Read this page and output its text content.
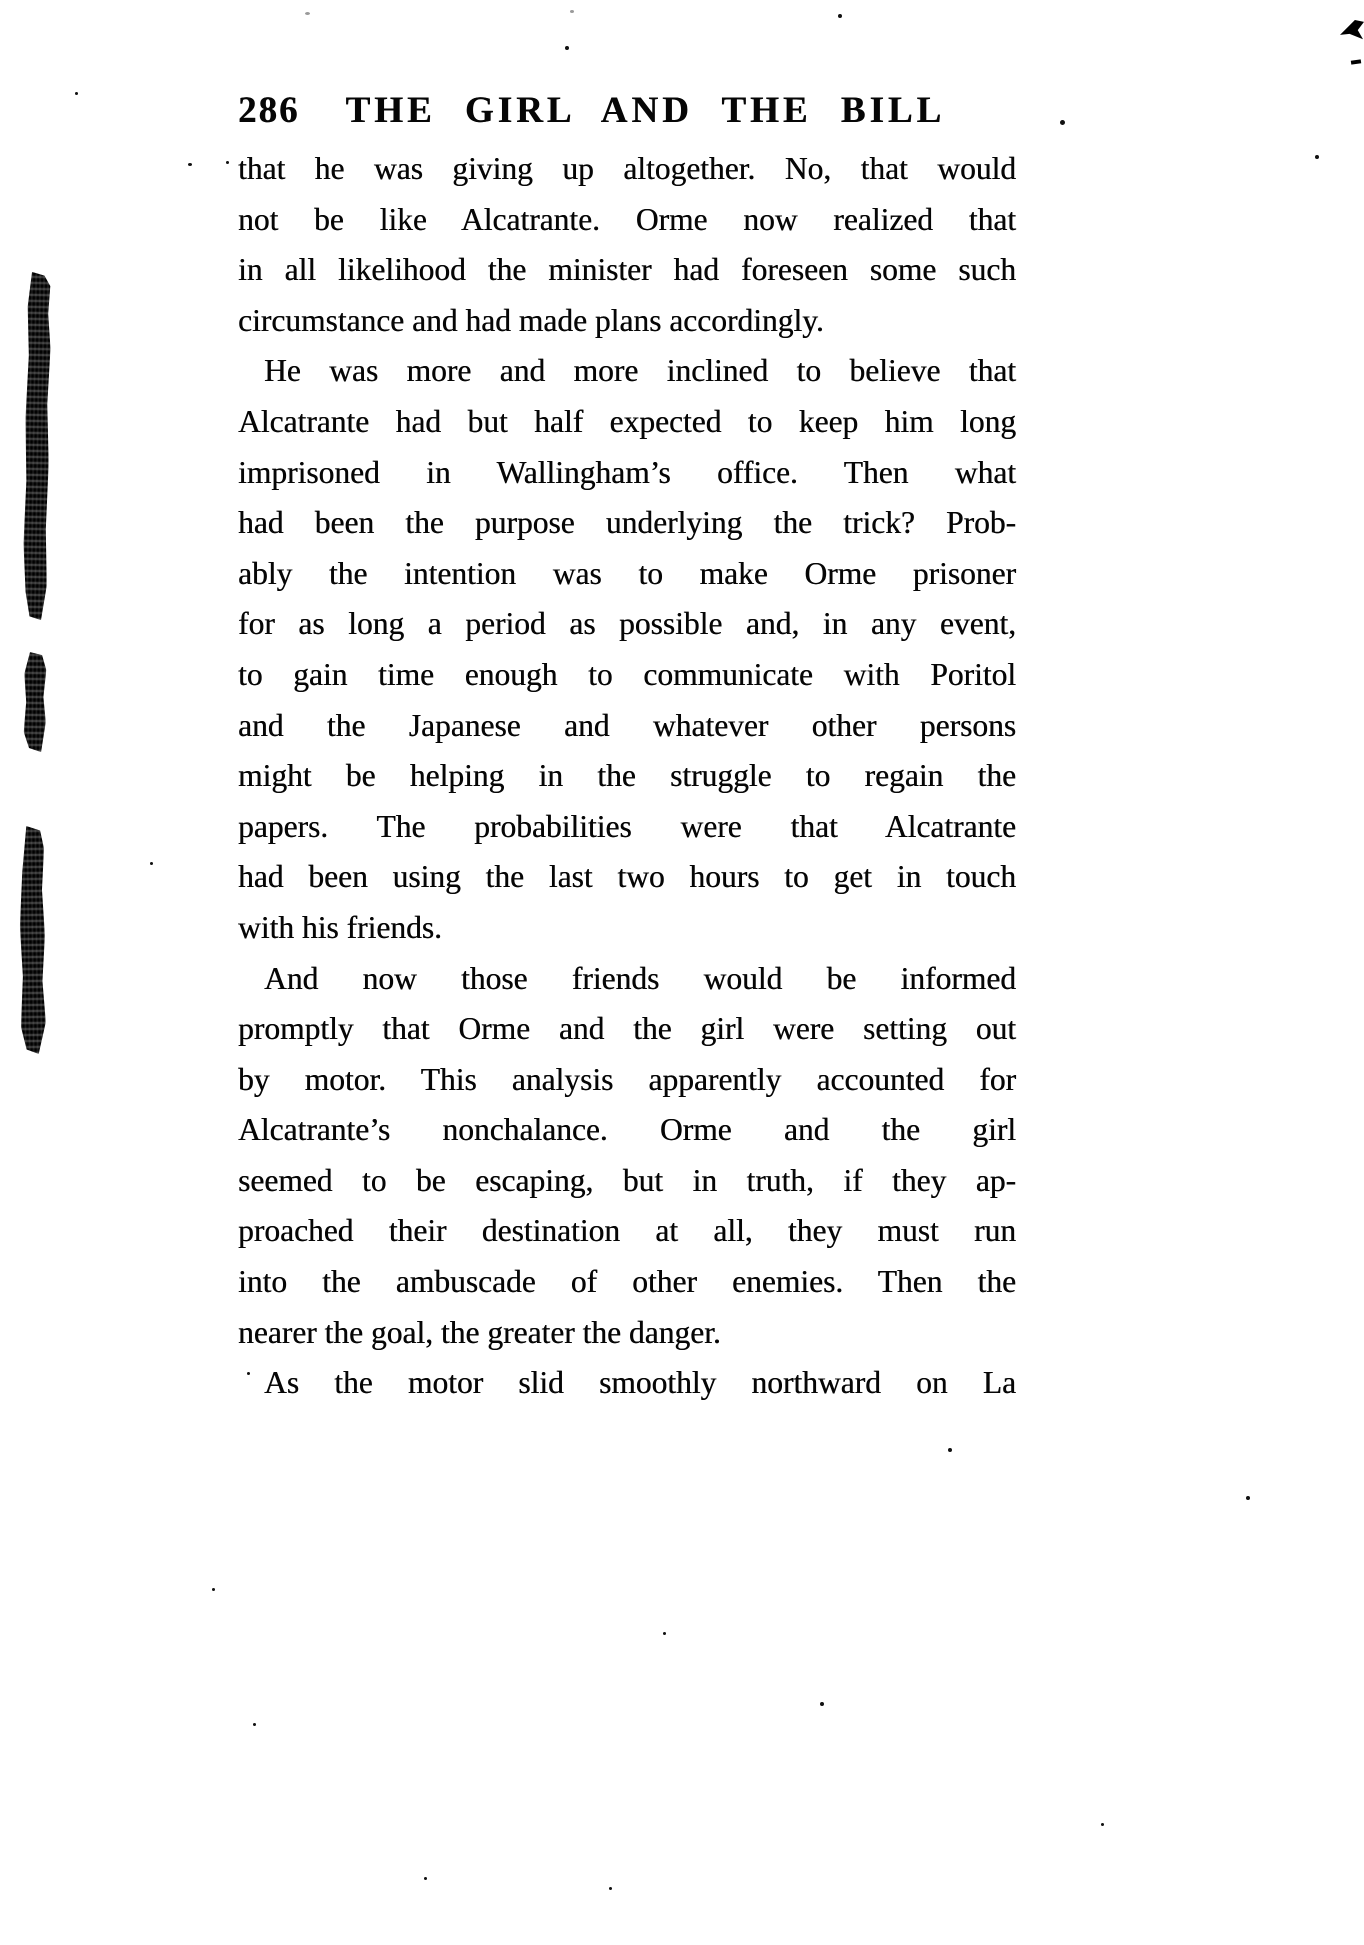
286 THE GIRL AND THE BILL
that he was giving up altogether. No, that would
not be like Alcatrante. Orme now realized that
in all likelihood the minister had foreseen some such
circumstance and had made plans accordingly.
He was more and more inclined to believe that
Alcatrante had but half expected to keep him long
imprisoned in Wallingham’s office. Then what
had been the purpose underlying the trick? Prob-
ably the intention was to make Orme prisoner
for as long a period as possible and, in any event,
to gain time enough to communicate with Poritol
and the Japanese and whatever other persons
might be helping in the struggle to regain the
papers. The probabilities were that Alcatrante
had been using the last two hours to get in touch
with his friends.
And now those friends would be informed
promptly that Orme and the girl were setting out
by motor. This analysis apparently accounted for
Alcatrante’s nonchalance. Orme and the girl
seemed to be escaping, but in truth, if they ap-
proached their destination at all, they must run
into the ambuscade of other enemies. Then the
nearer the goal, the greater the danger.
As the motor slid smoothly northward on La
